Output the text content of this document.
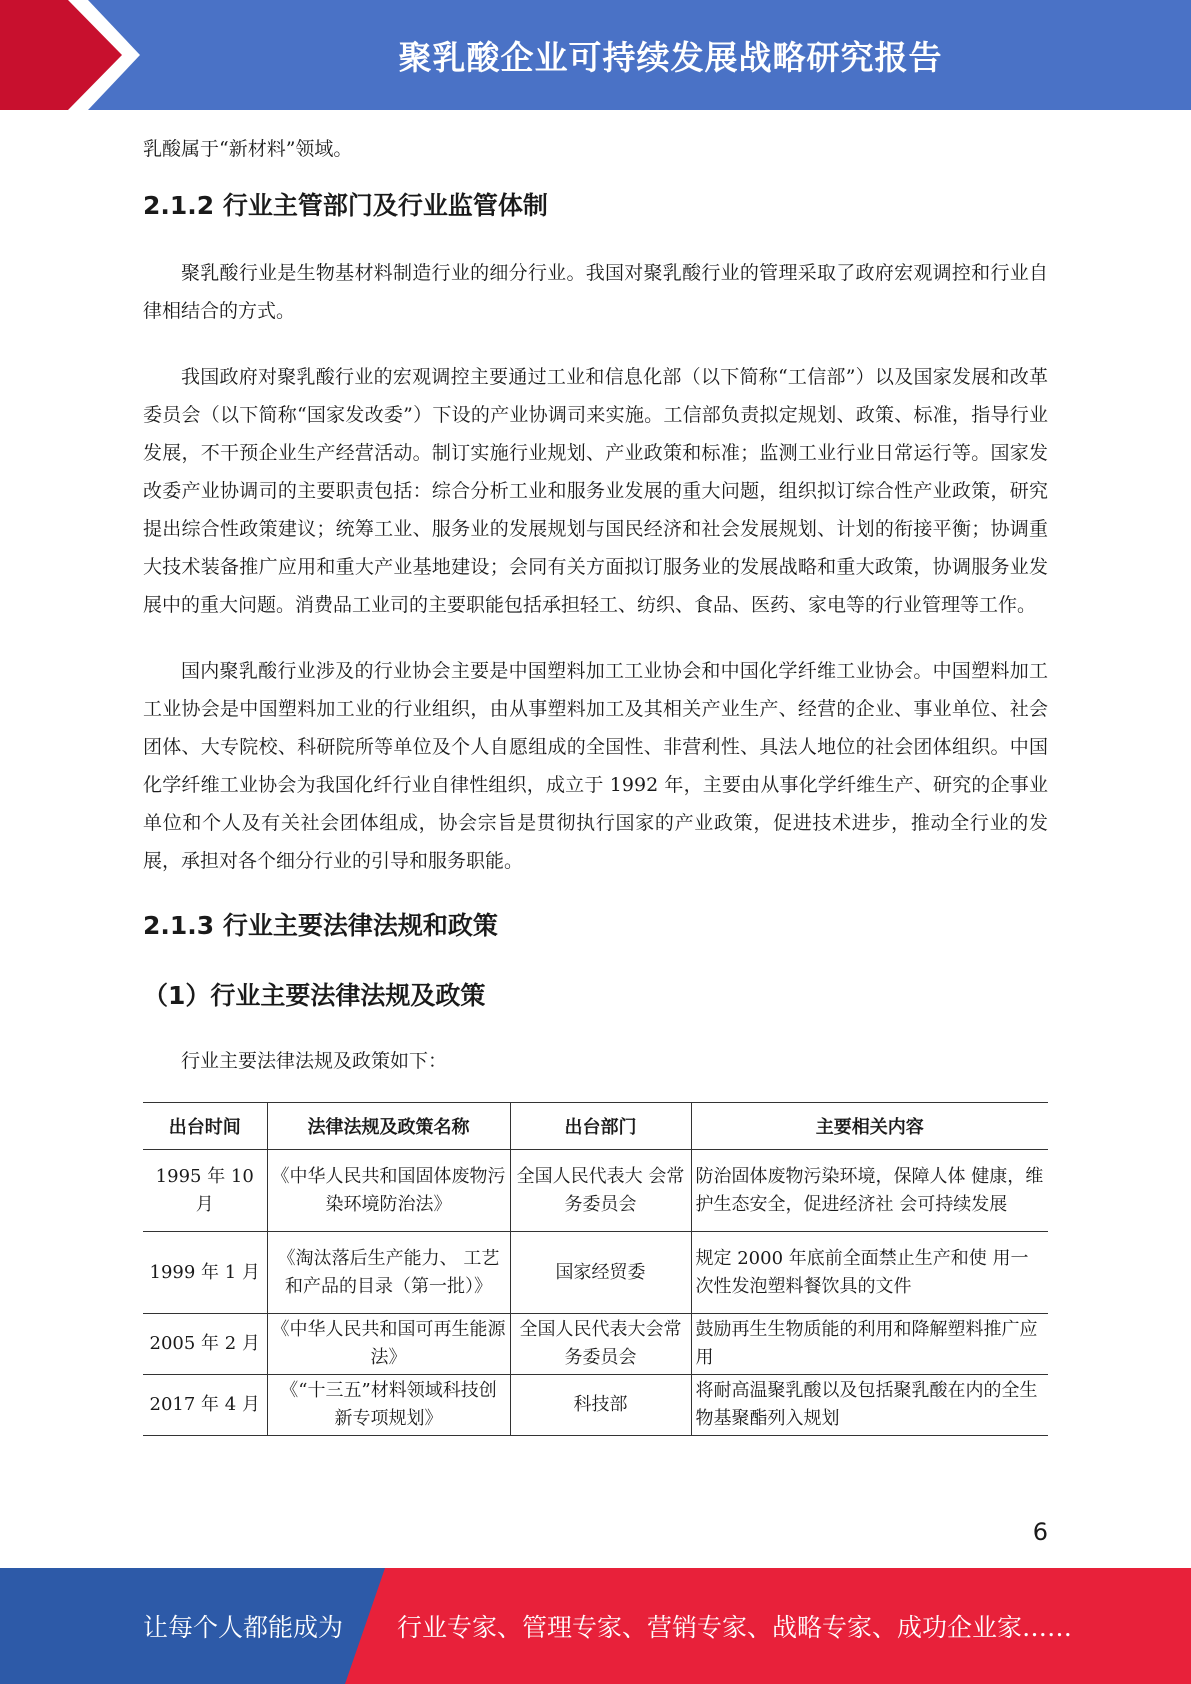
聚乳酸企业可持续发展战略研究报告

乳酸属于“新材料”领域。

2.1.2 行业主管部门及行业监管体制

聚乳酸行业是生物基材料制造行业的细分行业。我国对聚乳酸行业的管理采取了政府宏观调控和行业自律相结合的方式。

我国政府对聚乳酸行业的宏观调控主要通过工业和信息化部（以下简称“工信部”）以及国家发展和改革委员会（以下简称“国家发改委”）下设的产业协调司来实施。工信部负责拟定规划、政策、标准，指导行业发展，不干预企业生产经营活动。制订实施行业规划、产业政策和标准；监测工业行业日常运行等。国家发改委产业协调司的主要职责包括：综合分析工业和服务业发展的重大问题，组织拟订综合性产业政策，研究提出综合性政策建议；统筹工业、服务业的发展规划与国民经济和社会发展规划、计划的衔接平衡；协调重大技术装备推广应用和重大产业基地建设；会同有关方面拟订服务业的发展战略和重大政策，协调服务业发展中的重大问题。消费品工业司的主要职能包括承担轻工、纺织、食品、医药、家电等的行业管理等工作。

国内聚乳酸行业涉及的行业协会主要是中国塑料加工工业协会和中国化学纤维工业协会。中国塑料加工工业协会是中国塑料加工业的行业组织，由从事塑料加工及其相关产业生产、经营的企业、事业单位、社会团体、大专院校、科研院所等单位及个人自愿组成的全国性、非营利性、具法人地位的社会团体组织。中国化学纤维工业协会为我国化纤行业自律性组织，成立于 1992 年，主要由从事化学纤维生产、研究的企事业单位和个人及有关社会团体组成，协会宗旨是贯彻执行国家的产业政策，促进技术进步，推动全行业的发展，承担对各个细分行业的引导和服务职能。

2.1.3 行业主要法律法规和政策
（1）行业主要法律法规及政策

行业主要法律法规及政策如下：

出台时间	法律法规及政策名称	出台部门	主要相关内容
1995 年 10 月	《中华人民共和国固体废物污染环境防治法》	全国人民代表大 会常务委员会	防治固体废物污染环境，保障人体 健康，维护生态安全，促进经济社 会可持续发展
1999 年 1 月	《淘汰落后生产能力、 工艺和产品的目录（第一批）》	国家经贸委	规定 2000 年底前全面禁止生产和使 用一次性发泡塑料餐饮具的文件
2005 年 2 月	《中华人民共和国可再生能源法》	全国人民代表大会常务委员会	鼓励再生生物质能的利用和降解塑料推广应用
2017 年 4 月	《“十三五”材料领域科技创新专项规划》	科技部	将耐高温聚乳酸以及包括聚乳酸在内的全生物基聚酯列入规划
6
让每个人都能成为 行业专家、管理专家、营销专家、战略专家、成功企业家……
